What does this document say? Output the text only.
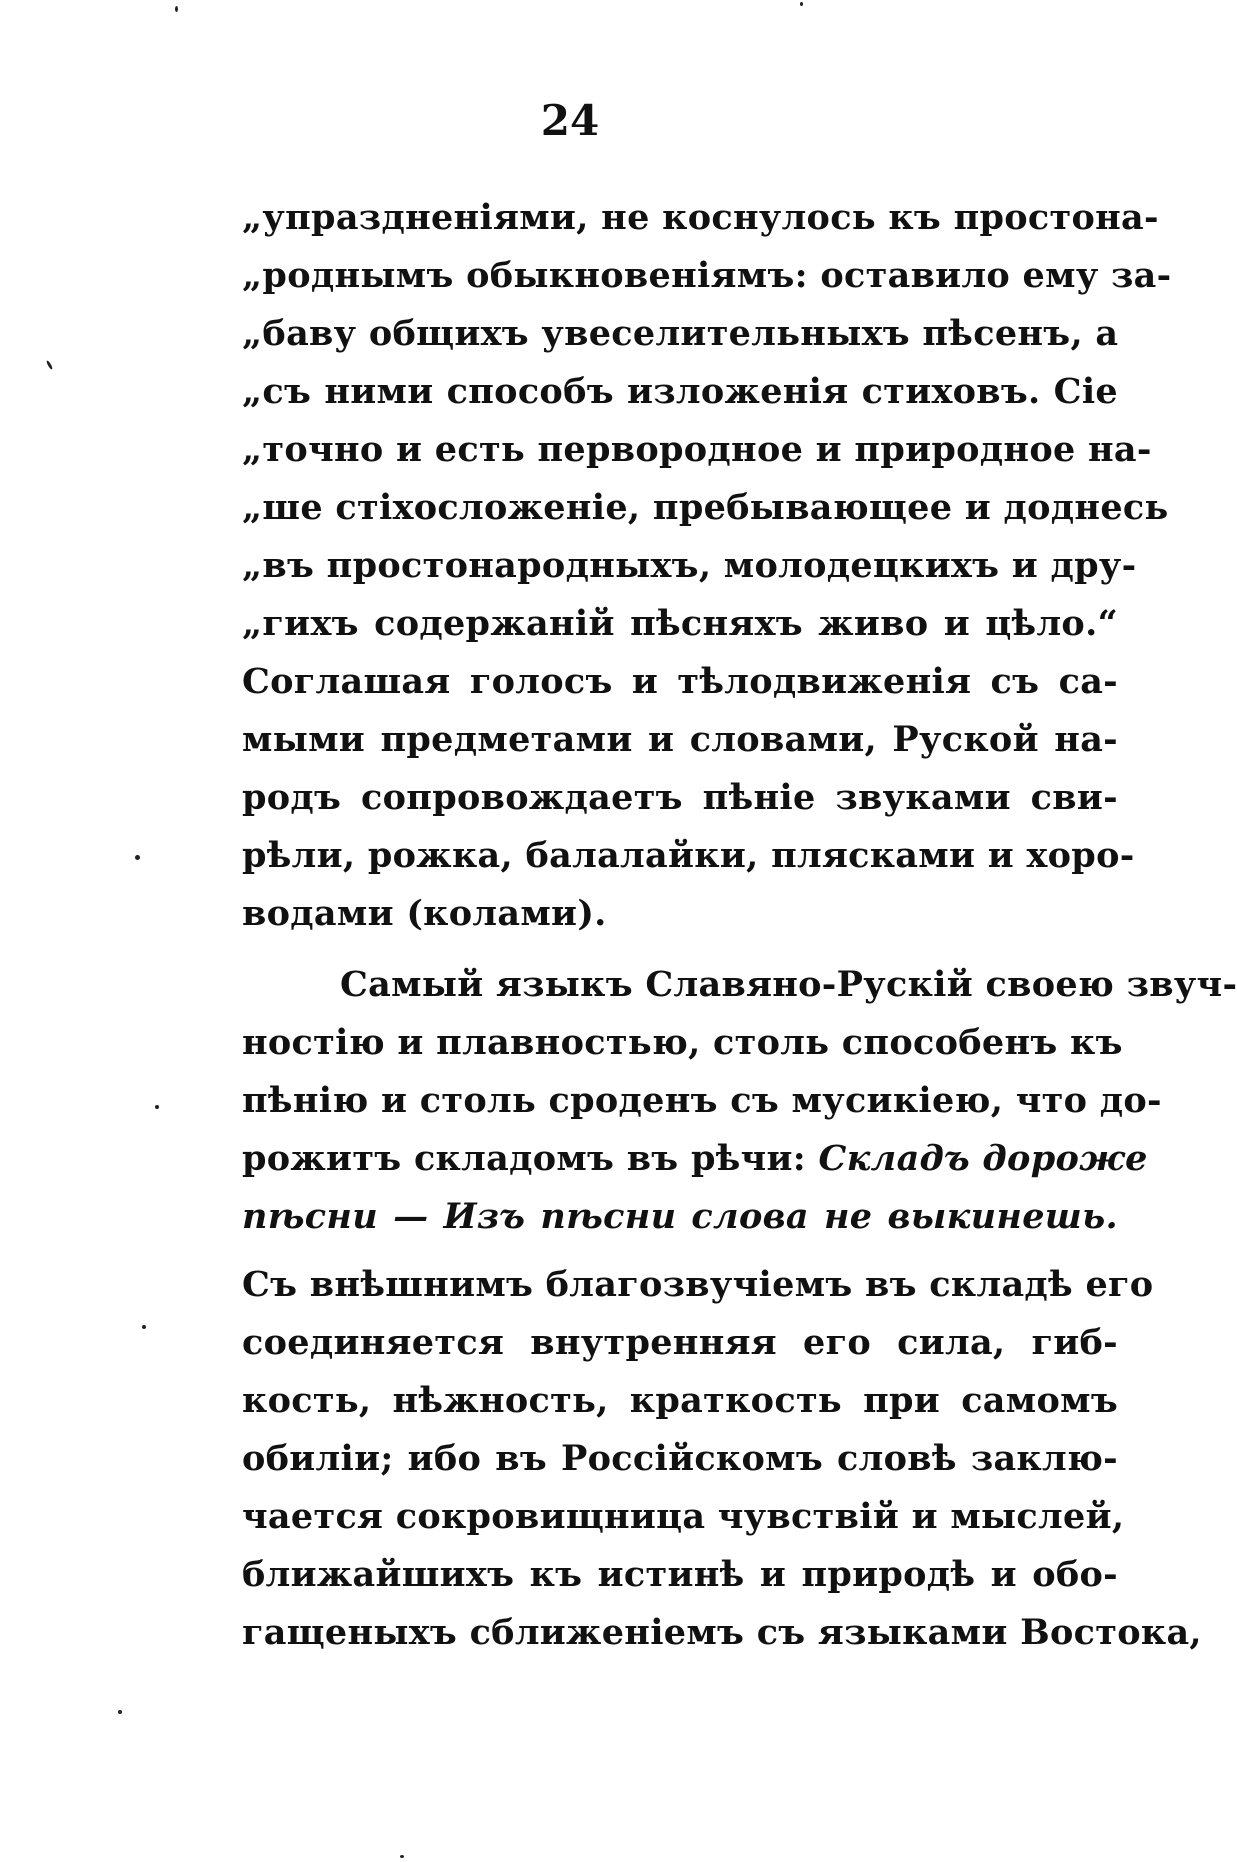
24
„упраздненіями, не коснулось къ простона-
„роднымъ обыкновеніямъ: оставило ему за-
„баву общихъ увеселительныхъ пѣсенъ, а
„съ ними способъ изложенія стиховъ. Сіе
„точно и есть первородное и природное на-
„ше стіхосложеніе, пребывающее и доднесь
„въ простонародныхъ, молодецкихъ и дру-
„гихъ содержаній пѣсняхъ живо и цѣло.“
Соглашая голосъ и тѣлодвиженія съ са-
мыми предметами и словами, Руской на-
родъ сопровождаетъ пѣніе звуками сви-
рѣли, рожка, балалайки, плясками и хоро-
водами (колами).
Самый языкъ Славяно-Рускій своею звуч-
ностію и плавностью, столь способенъ къ
пѣнію и столь сроденъ съ мусикіею, что до-
рожитъ складомъ въ рѣчи: Складъ дороже
пѣсни — Изъ пѣсни слова не выкинешь.
Съ внѣшнимъ благозвучіемъ въ складѣ его
соединяется внутренняя его сила, гиб-
кость, нѣжность, краткость при самомъ
обиліи; ибо въ Россійскомъ словѣ заклю-
чается сокровищница чувствій и мыслей,
ближайшихъ къ истинѣ и природѣ и обо-
гащеныхъ сближеніемъ съ языками Востока,
